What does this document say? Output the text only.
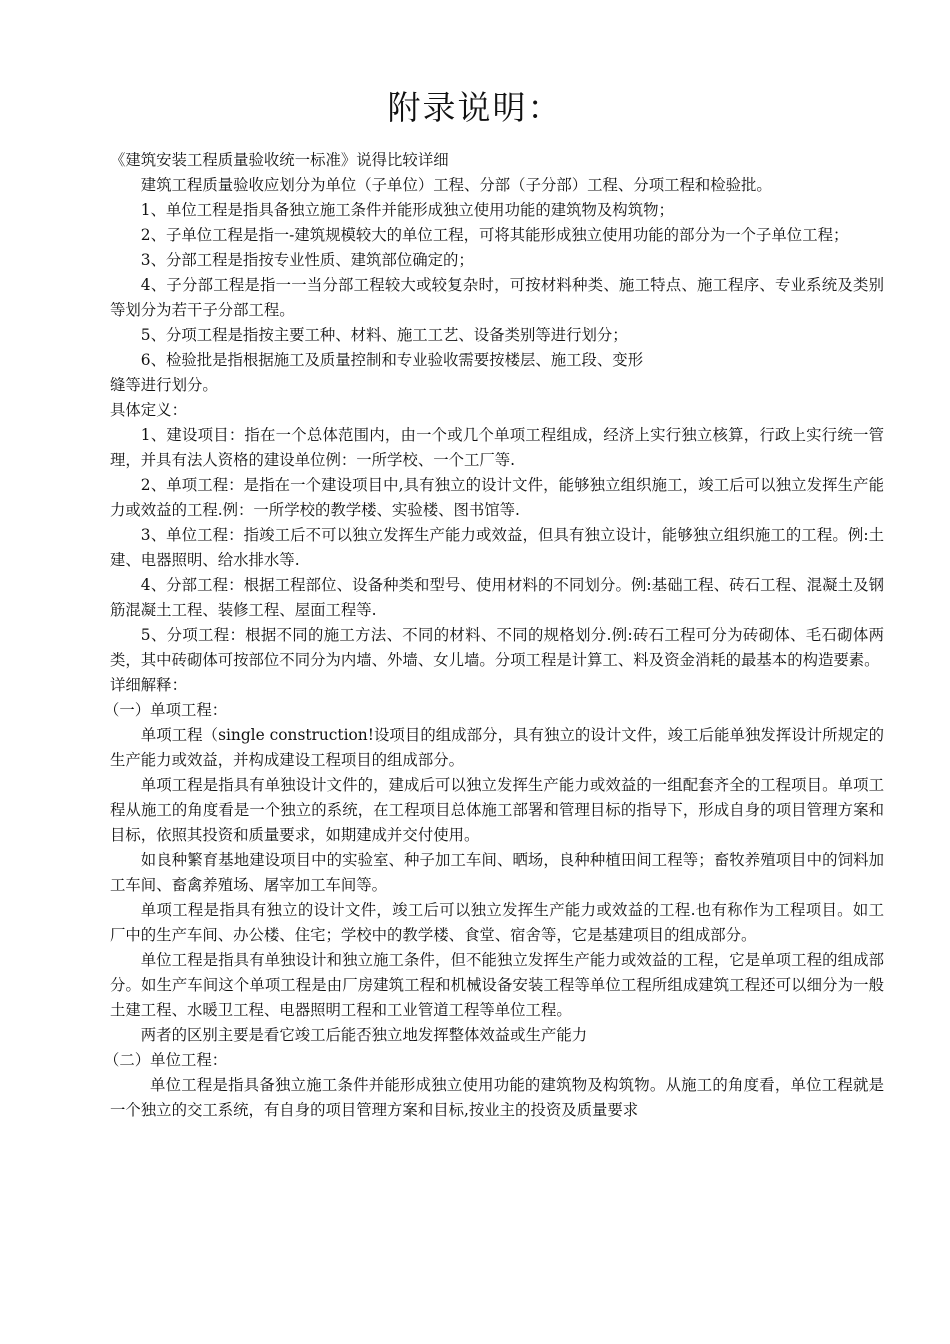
附录说明：

《建筑安装工程质量验收统一标准》说得比较详细

建筑工程质量验收应划分为单位（子单位）工程、分部（子分部）工程、分项工程和检验批。

1、单位工程是指具备独立施工条件并能形成独立使用功能的建筑物及构筑物；

2、子单位工程是指一-建筑规模较大的单位工程，可将其能形成独立使用功能的部分为一个子单位工程；

3、分部工程是指按专业性质、建筑部位确定的；

4、子分部工程是指一一当分部工程较大或较复杂时，可按材料种类、施工特点、施工程序、专业系统及类别等划分为若干子分部工程。

5、分项工程是指按主要工种、材料、施工工艺、设备类别等进行划分；

6、检验批是指根据施工及质量控制和专业验收需要按楼层、施工段、变形

缝等进行划分。

具体定义：

1、建设项目：指在一个总体范围内，由一个或几个单项工程组成，经济上实行独立核算，行政上实行统一管理，并具有法人资格的建设单位例：一所学校、一个工厂等.

2、单项工程：是指在一个建设项目中,具有独立的设计文件，能够独立组织施工，竣工后可以独立发挥生产能力或效益的工程.例：一所学校的教学楼、实验楼、图书馆等.

3、单位工程：指竣工后不可以独立发挥生产能力或效益，但具有独立设计，能够独立组织施工的工程。例:土建、电器照明、给水排水等.

4、分部工程：根据工程部位、设备种类和型号、使用材料的不同划分。例:基础工程、砖石工程、混凝土及钢筋混凝土工程、装修工程、屋面工程等.

5、分项工程：根据不同的施工方法、不同的材料、不同的规格划分.例:砖石工程可分为砖砌体、毛石砌体两类，其中砖砌体可按部位不同分为内墙、外墙、女儿墙。分项工程是计算工、料及资金消耗的最基本的构造要素。

详细解释：

（一）单项工程：

单项工程（single construction!设项目的组成部分，具有独立的设计文件，竣工后能单独发挥设计所规定的生产能力或效益，并构成建设工程项目的组成部分。

单项工程是指具有单独设计文件的，建成后可以独立发挥生产能力或效益的一组配套齐全的工程项目。单项工程从施工的角度看是一个独立的系统，在工程项目总体施工部署和管理目标的指导下，形成自身的项目管理方案和目标，依照其投资和质量要求，如期建成并交付使用。

如良种繁育基地建设项目中的实验室、种子加工车间、晒场，良种种植田间工程等；畜牧养殖项目中的饲料加工车间、畜禽养殖场、屠宰加工车间等。

单项工程是指具有独立的设计文件，竣工后可以独立发挥生产能力或效益的工程.也有称作为工程项目。如工厂中的生产车间、办公楼、住宅；学校中的教学楼、食堂、宿舍等，它是基建项目的组成部分。

单位工程是指具有单独设计和独立施工条件，但不能独立发挥生产能力或效益的工程，它是单项工程的组成部分。如生产车间这个单项工程是由厂房建筑工程和机械设备安装工程等单位工程所组成建筑工程还可以细分为一般土建工程、水暖卫工程、电器照明工程和工业管道工程等单位工程。

两者的区别主要是看它竣工后能否独立地发挥整体效益或生产能力

（二）单位工程：

单位工程是指具备独立施工条件并能形成独立使用功能的建筑物及构筑物。从施工的角度看，单位工程就是一个独立的交工系统，有自身的项目管理方案和目标,按业主的投资及质量要求
